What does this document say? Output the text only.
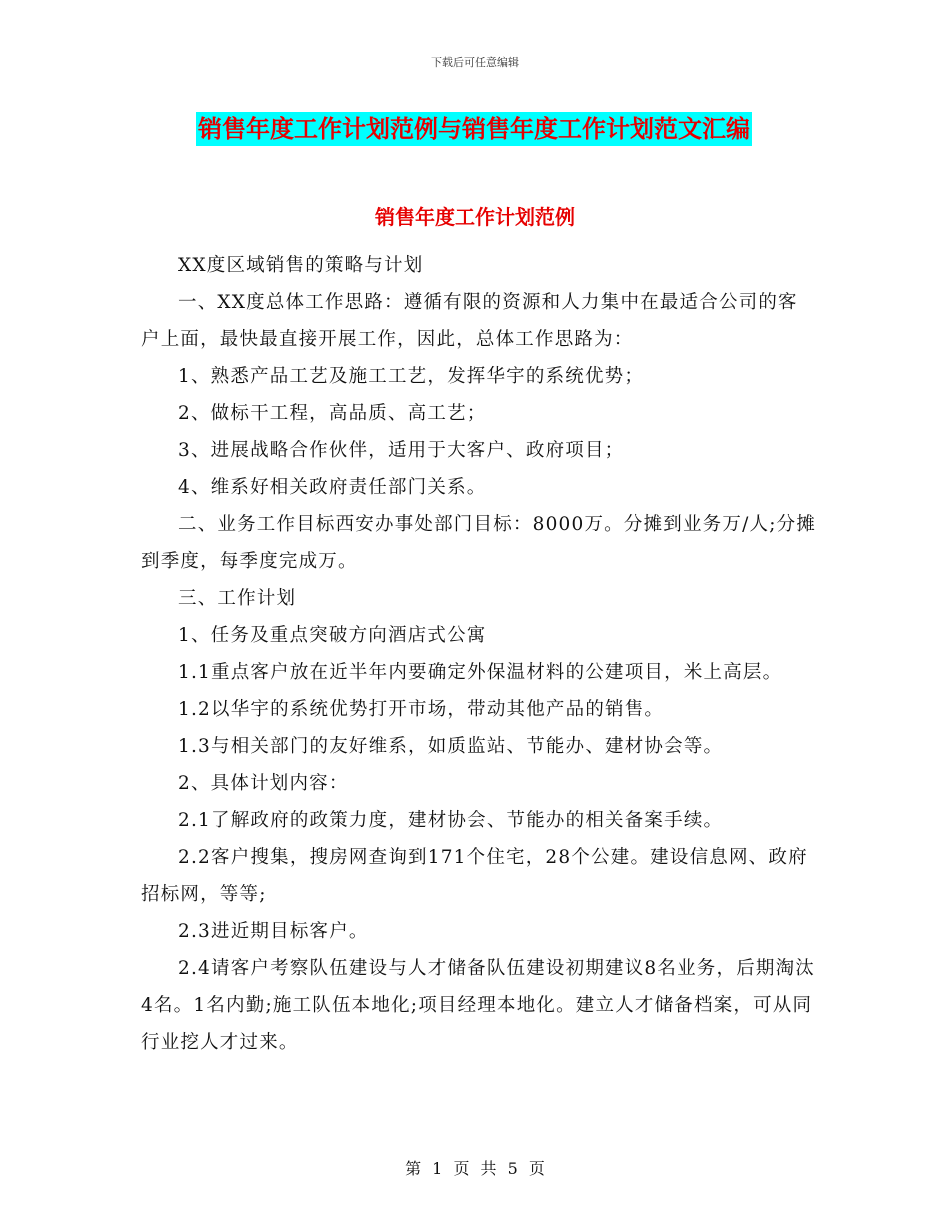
下载后可任意编辑
销售年度工作计划范例与销售年度工作计划范文汇编
销售年度工作计划范例

XX度区域销售的策略与计划

一、XX度总体工作思路：遵循有限的资源和人力集中在最适合公司的客户上面，最快最直接开展工作，因此，总体工作思路为：

1、熟悉产品工艺及施工工艺，发挥华宇的系统优势；

2、做标干工程，高品质、高工艺；

3、进展战略合作伙伴，适用于大客户、政府项目；

4、维系好相关政府责任部门关系。

二、业务工作目标西安办事处部门目标：8000万。分摊到业务万/人;分摊到季度，每季度完成万。

三、工作计划

1、任务及重点突破方向酒店式公寓

1.1重点客户放在近半年内要确定外保温材料的公建项目，米上高层。

1.2以华宇的系统优势打开市场，带动其他产品的销售。

1.3与相关部门的友好维系，如质监站、节能办、建材协会等。

2、具体计划内容：

2.1了解政府的政策力度，建材协会、节能办的相关备案手续。

2.2客户搜集，搜房网查询到171个住宅，28个公建。建设信息网、政府招标网，等等;

2.3进近期目标客户。

2.4请客户考察队伍建设与人才储备队伍建设初期建议8名业务，后期淘汰4名。1名内勤;施工队伍本地化;项目经理本地化。建立人才储备档案，可从同行业挖人才过来。

第 1 页 共 5 页
